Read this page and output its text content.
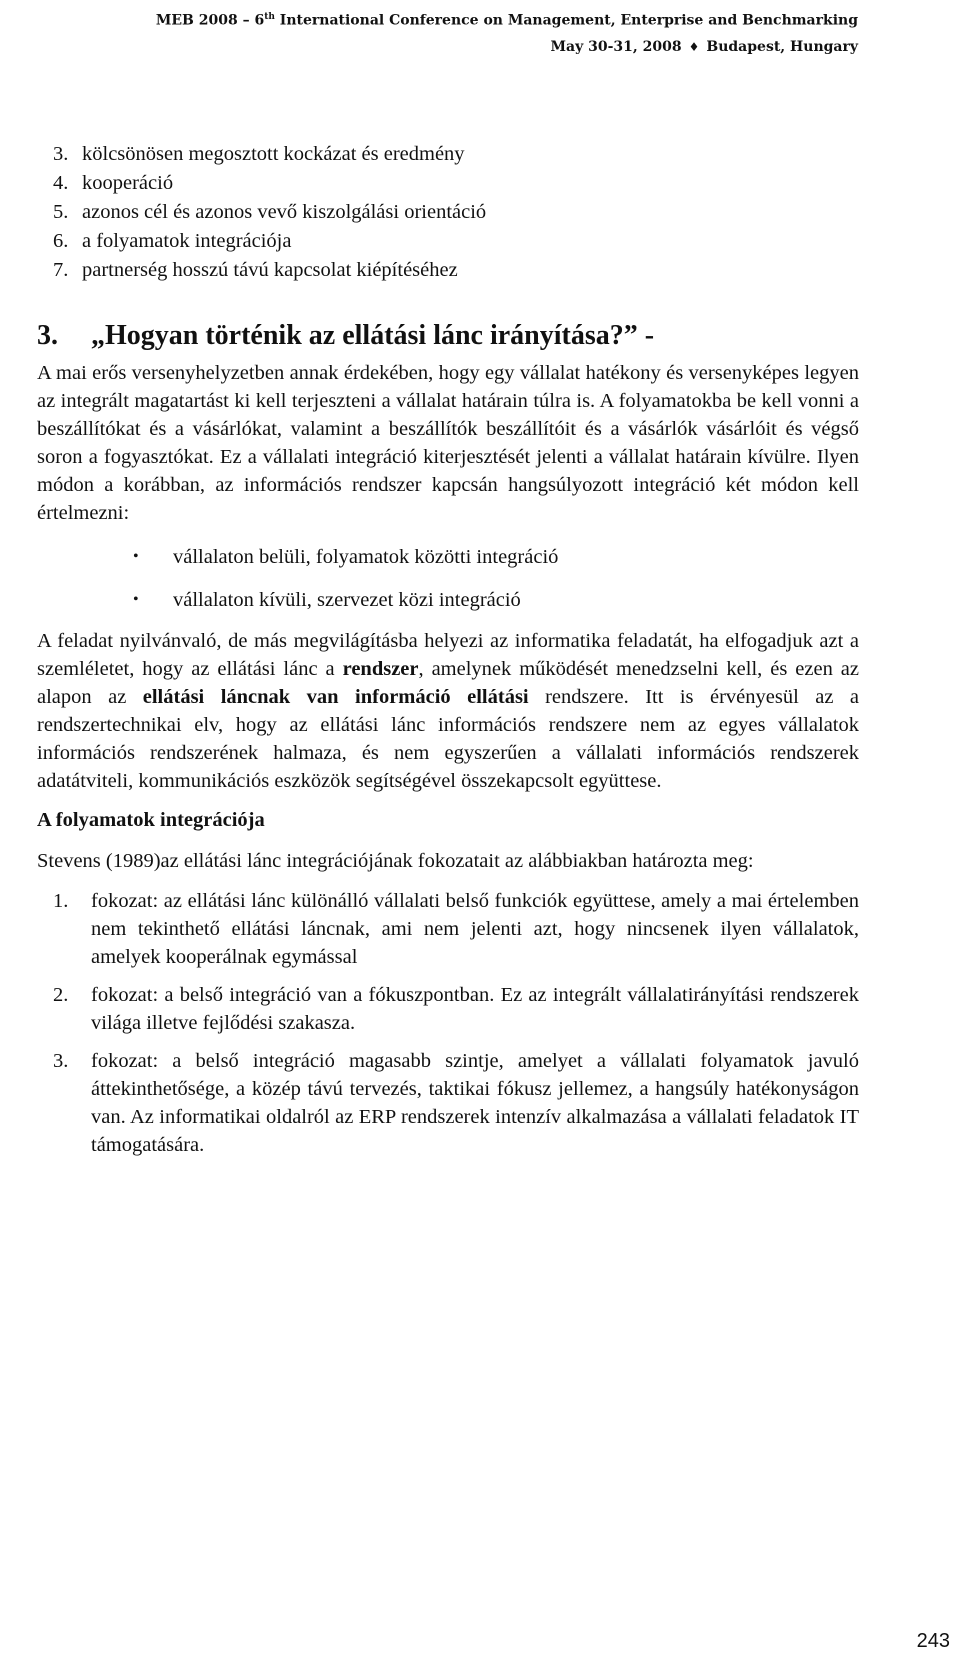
MEB 2008 – 6th International Conference on Management, Enterprise and Benchmarking
May 30-31, 2008 ♦ Budapest, Hungary
3. kölcsönösen megosztott kockázat és eredmény
4. kooperáció
5. azonos cél és azonos vevő kiszolgálási orientáció
6. a folyamatok integrációja
7. partnerség hosszú távú kapcsolat kiépítéséhez
3.	„Hogyan történik az ellátási lánc irányítása?” -

A mai erős versenyhelyzetben annak érdekében, hogy egy vállalat hatékony és versenyképes legyen az integrált magatartást ki kell terjeszteni a vállalat határain túlra is. A folyamatokba be kell vonni a beszállítókat és a vásárlókat, valamint a beszállítók beszállítóit és a vásárlók vásárlóit és végső soron a fogyasztókat. Ez a vállalati integráció kiterjesztését jelenti a vállalat határain kívülre. Ilyen módon a korábban, az információs rendszer kapcsán hangsúlyozott integráció két módon kell értelmezni:

•	vállalaton belüli, folyamatok közötti integráció
•	vállalaton kívüli, szervezet közi integráció

A feladat nyilvánvaló, de más megvilágításba helyezi az informatika feladatát, ha elfogadjuk azt a szemléletet, hogy az ellátási lánc a rendszer, amelynek működését menedzselni kell, és ezen az alapon az ellátási láncnak van információ ellátási rendszere. Itt is érvényesül az a rendszertechnikai elv, hogy az ellátási lánc információs rendszere nem az egyes vállalatok információs rendszerének halmaza, és nem egyszerűen a vállalati információs rendszerek adatátviteli, kommunikációs eszközök segítségével összekapcsolt együttese.

A folyamatok integrációja

Stevens (1989)az ellátási lánc integrációjának fokozatait az alábbiakban határozta meg:

1.	fokozat: az ellátási lánc különálló vállalati belső funkciók együttese, amely a mai értelemben nem tekinthető ellátási láncnak, ami nem jelenti azt, hogy nincsenek ilyen vállalatok, amelyek kooperálnak egymással
2.	fokozat: a belső integráció van a fókuszpontban. Ez az integrált vállalatirányítási rendszerek világa illetve fejlődési szakasza.
3.	fokozat: a belső integráció magasabb szintje, amelyet a vállalati folyamatok javuló áttekinthetősége, a közép távú tervezés, taktikai fókusz jellemez, a hangsúly hatékonyságon van. Az informatikai oldalról az ERP rendszerek intenzív alkalmazása a vállalati feladatok IT támogatására.
243
